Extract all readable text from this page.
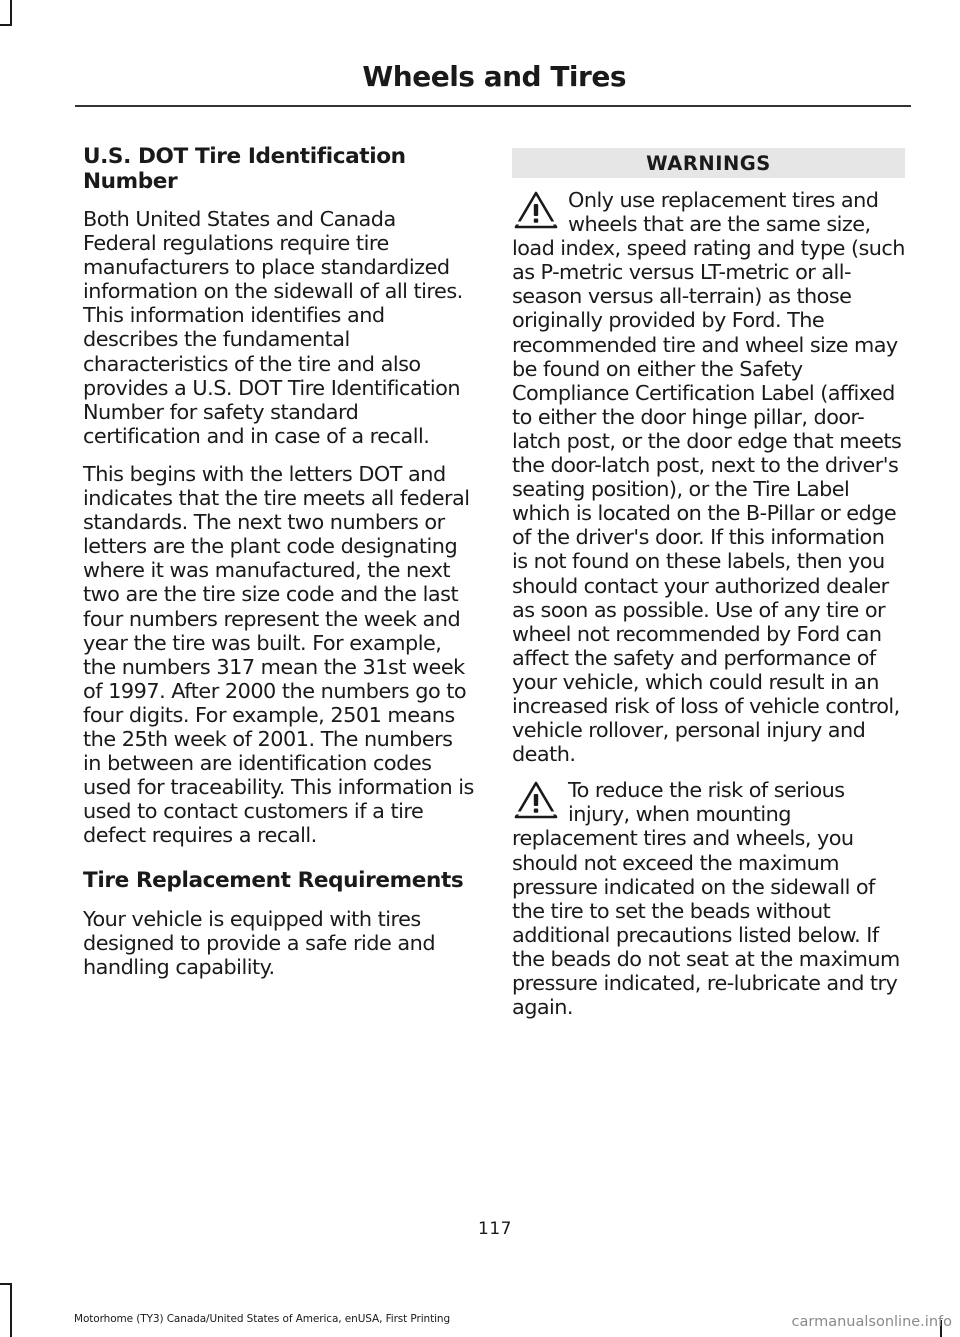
Wheels and Tires
U.S. DOT Tire Identification Number

Both United States and Canada Federal regulations require tire manufacturers to place standardized information on the sidewall of all tires. This information identifies and describes the fundamental characteristics of the tire and also provides a U.S. DOT Tire Identification Number for safety standard certification and in case of a recall.

This begins with the letters DOT and indicates that the tire meets all federal standards. The next two numbers or letters are the plant code designating where it was manufactured, the next two are the tire size code and the last four numbers represent the week and year the tire was built. For example, the numbers 317 mean the 31st week of 1997. After 2000 the numbers go to four digits. For example, 2501 means the 25th week of 2001. The numbers in between are identification codes used for traceability. This information is used to contact customers if a tire defect requires a recall.

Tire Replacement Requirements

Your vehicle is equipped with tires designed to provide a safe ride and handling capability.

WARNINGS

Only use replacement tires and wheels that are the same size, load index, speed rating and type (such as P-metric versus LT-metric or all-season versus all-terrain) as those originally provided by Ford. The recommended tire and wheel size may be found on either the Safety Compliance Certification Label (affixed to either the door hinge pillar, door-latch post, or the door edge that meets the door-latch post, next to the driver's seating position), or the Tire Label which is located on the B-Pillar or edge of the driver's door. If this information is not found on these labels, then you should contact your authorized dealer as soon as possible. Use of any tire or wheel not recommended by Ford can affect the safety and performance of your vehicle, which could result in an increased risk of loss of vehicle control, vehicle rollover, personal injury and death.

To reduce the risk of serious injury, when mounting replacement tires and wheels, you should not exceed the maximum pressure indicated on the sidewall of the tire to set the beads without additional precautions listed below. If the beads do not seat at the maximum pressure indicated, re-lubricate and try again.

117
Motorhome (TY3) Canada/United States of America, enUSA, First Printing	carmanualsonline.info
